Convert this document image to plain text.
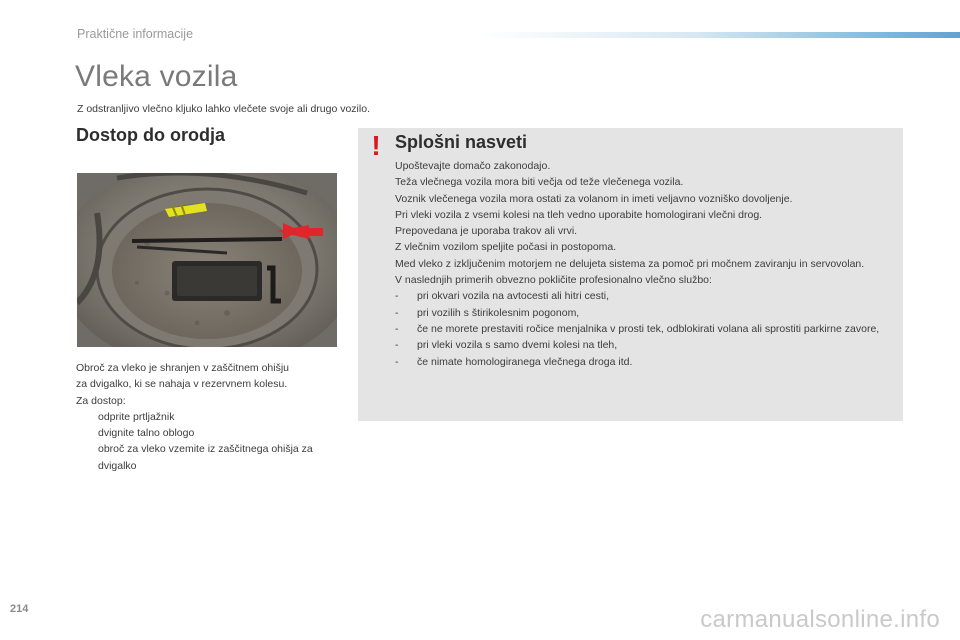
Praktične informacije
Vleka vozila
Z odstranljivo vlečno kljuko lahko vlečete svoje ali drugo vozilo.
Dostop do orodja

Obroč za vleko je shranjen v zaščitnem ohišju

za dvigalko, ki se nahaja v rezervnem kolesu.

Za dostop:

odprite prtljažnik
dvignite talno oblogo
obroč za vleko vzemite iz zaščitnega ohišja za dvigalko
! Splošni nasveti

Upoštevajte domačo zakonodajo.

Teža vlečnega vozila mora biti večja od teže vlečenega vozila.

Voznik vlečenega vozila mora ostati za volanom in imeti veljavno vozniško dovoljenje.

Pri vleki vozila z vsemi kolesi na tleh vedno uporabite homologirani vlečni drog.

Prepovedana je uporaba trakov ali vrvi.

Z vlečnim vozilom speljite počasi in postopoma.

Med vleko z izključenim motorjem ne delujeta sistema za pomoč pri močnem zaviranju in servovolan.

V naslednjih primerih obvezno pokličite profesionalno vlečno službo:

-	pri okvari vozila na avtocesti ali hitri cesti,
-	pri vozilih s štirikolesnim pogonom,
-	če ne morete prestaviti ročice menjalnika v prosti tek, odblokirati volana ali sprostiti parkirne zavore,
-	pri vleki vozila s samo dvemi kolesi na tleh,
-	če nimate homologiranega vlečnega droga itd.
214	carmanualsonline.info
